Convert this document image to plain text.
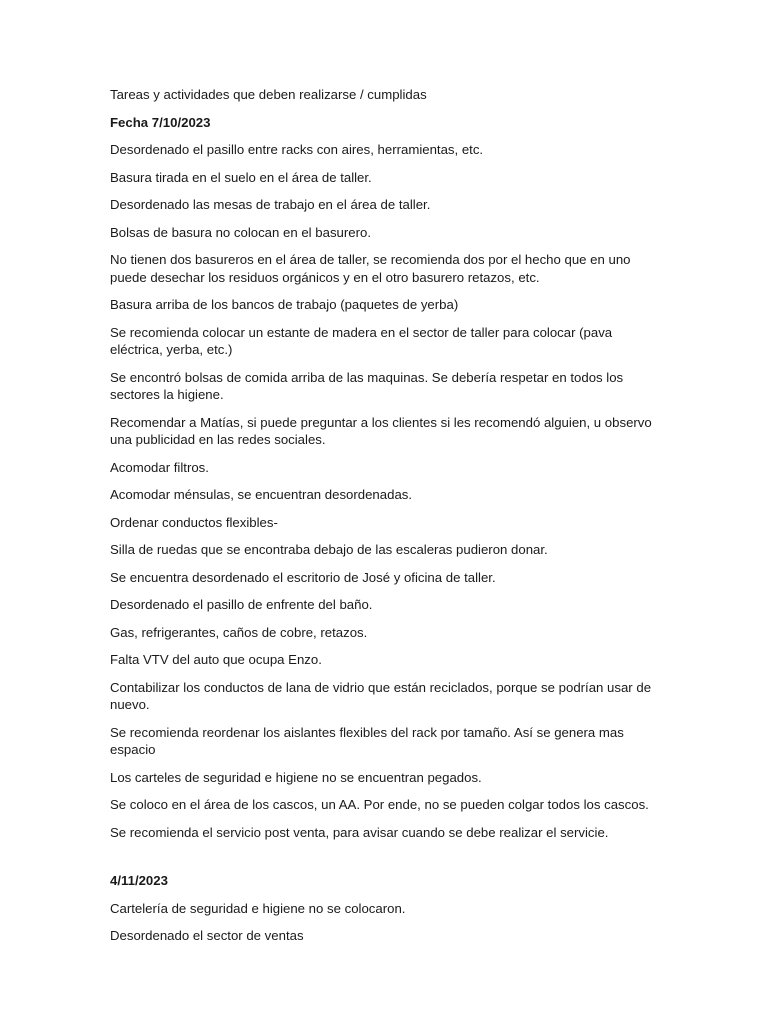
Tareas y actividades que deben realizarse / cumplidas

Fecha 7/10/2023

Desordenado el pasillo entre racks con aires, herramientas, etc.

Basura tirada en el suelo en el área de taller.

Desordenado las mesas de trabajo en el área de taller.

Bolsas de basura no colocan en el basurero.

No tienen dos basureros en el área de taller, se recomienda dos por el hecho que en uno puede desechar los residuos orgánicos y en el otro basurero retazos, etc.

Basura arriba de los bancos de trabajo (paquetes de yerba)

Se recomienda colocar un estante de madera en el sector de taller para colocar (pava eléctrica, yerba, etc.)

Se encontró bolsas de comida arriba de las maquinas. Se debería respetar en todos los sectores la higiene.

Recomendar a Matías, si puede preguntar a los clientes si les recomendó alguien, u observo una publicidad en las redes sociales.

Acomodar filtros.

Acomodar ménsulas, se encuentran desordenadas.

Ordenar conductos flexibles-

Silla de ruedas que se encontraba debajo de las escaleras pudieron donar.

Se encuentra desordenado el escritorio de José y oficina de taller.

Desordenado el pasillo de enfrente del baño.

Gas, refrigerantes, caños de cobre, retazos.

Falta VTV del auto que ocupa Enzo.

Contabilizar los conductos de lana de vidrio que están reciclados, porque se podrían usar de nuevo.

Se recomienda reordenar los aislantes flexibles del rack por tamaño. Así se genera mas espacio

Los carteles de seguridad e higiene no se encuentran pegados.

Se coloco en el área de los cascos, un AA. Por ende, no se pueden colgar todos los cascos.

Se recomienda el servicio post venta, para avisar cuando se debe realizar el servicie.

4/11/2023

Cartelería de seguridad e higiene no se colocaron.

Desordenado el sector de ventas
